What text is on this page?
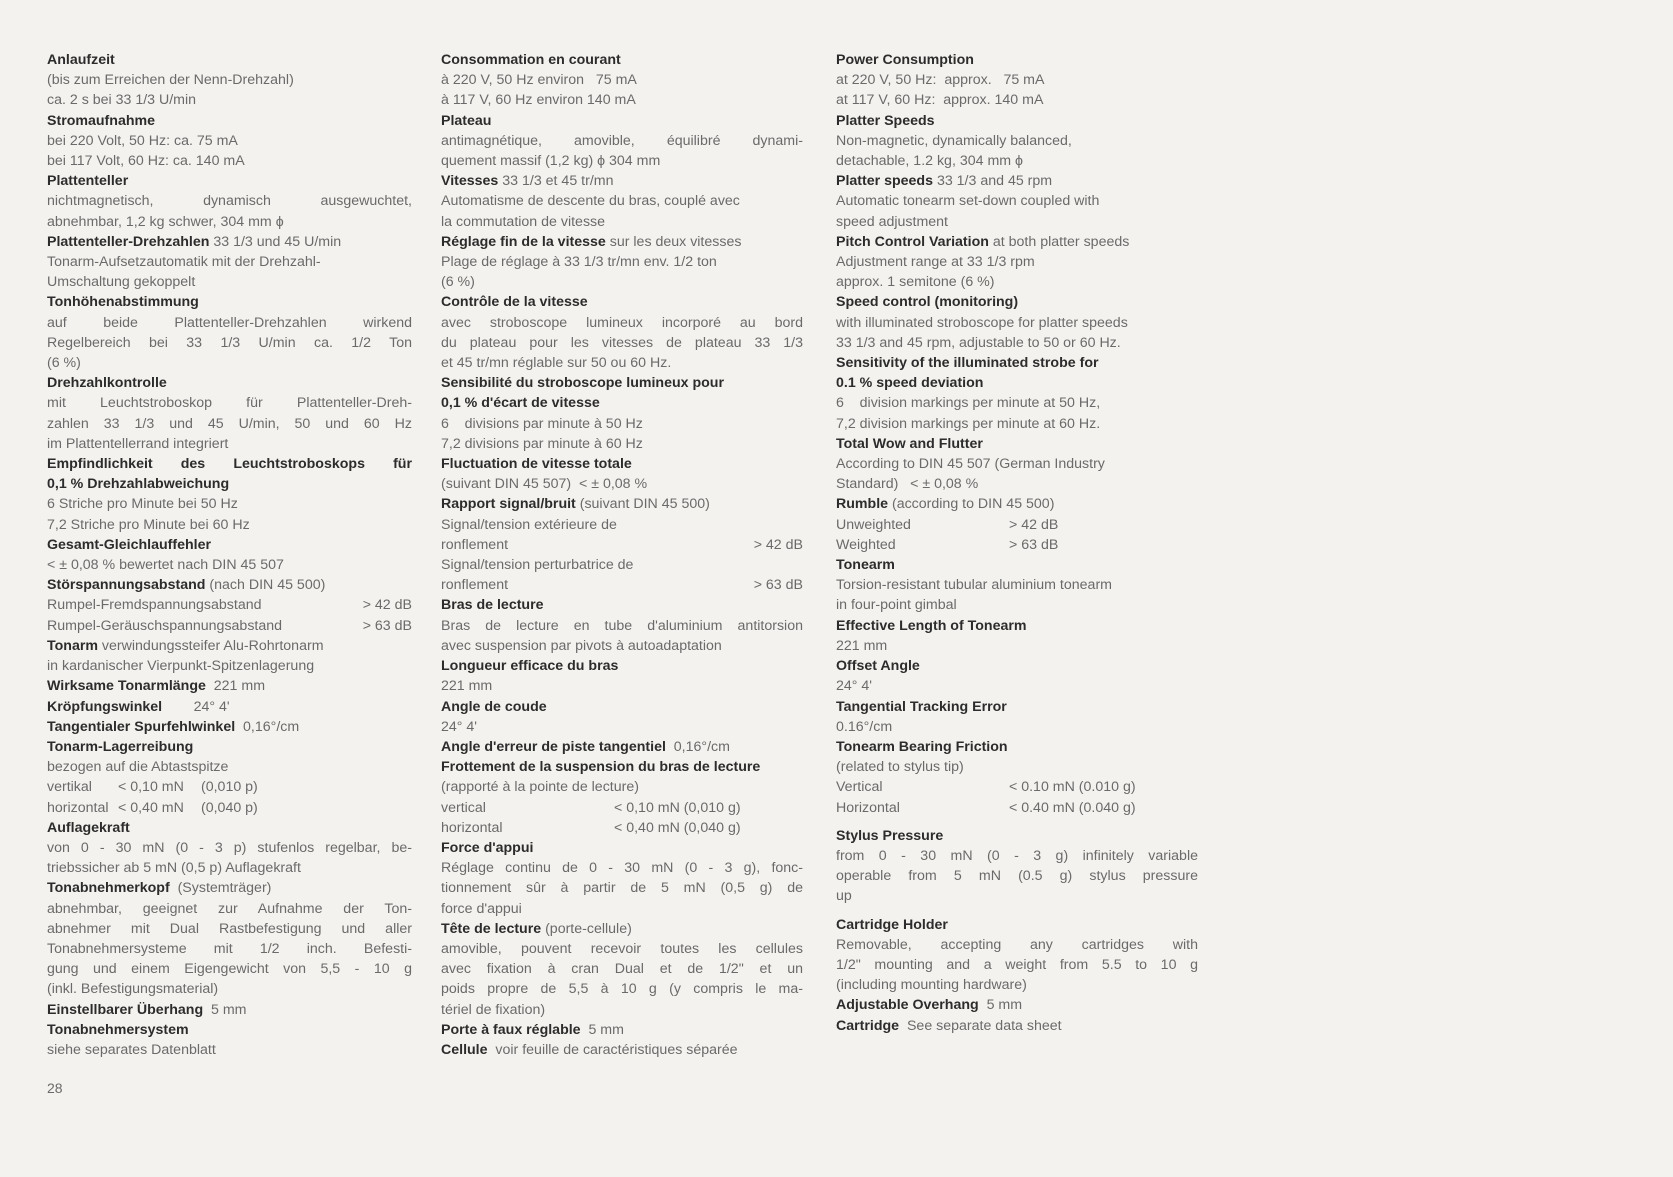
Anlaufzeit
(bis zum Erreichen der Nenn-Drehzahl)
ca. 2 s bei 33 1/3 U/min
Stromaufnahme
bei 220 Volt, 50 Hz: ca. 75 mA
bei 117 Volt, 60 Hz: ca. 140 mA
Plattenteller
nichtmagnetisch, dynamisch ausgewuchtet,
abnehmbar, 1,2 kg schwer, 304 mm ϕ
Plattenteller-Drehzahlen 33 1/3 und 45 U/min
Tonarm-Aufsetzautomatik mit der Drehzahl-
Umschaltung gekoppelt
Tonhöhenabstimmung
auf beide Plattenteller-Drehzahlen wirkend
Regelbereich bei 33 1/3 U/min ca. 1/2 Ton
(6 %)
Drehzahlkontrolle
mit Leuchtstroboskop für Plattenteller-Dreh-
zahlen 33 1/3 und 45 U/min, 50 und 60 Hz
im Plattentellerrand integriert
Empfindlichkeit des Leuchtstroboskops für
0,1 % Drehzahlabweichung
6 Striche pro Minute bei 50 Hz
7,2 Striche pro Minute bei 60 Hz
Gesamt-Gleichlauffehler
< ± 0,08 % bewertet nach DIN 45 507
Störspannungsabstand (nach DIN 45 500)
Rumpel-Fremdspannungsabstand	> 42 dB
Rumpel-Geräuschspannungsabstand	> 63 dB
Tonarm verwindungssteifer Alu-Rohrtonarm
in kardanischer Vierpunkt-Spitzenlagerung
Wirksame Tonarmlänge  221 mm
Kröpfungswinkel        24° 4'
Tangentialer Spurfehlwinkel  0,16°/cm
Tonarm-Lagerreibung
bezogen auf die Abtastspitze
vertikal	< 0,10 mN	(0,010 p)
horizontal < 0,40 mN	(0,040 p)
Auflagekraft
von 0 - 30 mN (0 - 3 p) stufenlos regelbar, be-
triebssicher ab 5 mN (0,5 p) Auflagekraft
Tonabnehmerkopf  (Systemträger)
abnehmbar, geeignet zur Aufnahme der Ton-
abnehmer mit Dual Rastbefestigung und aller
Tonabnehmersysteme mit 1/2 inch. Befesti-
gung und einem Eigengewicht von 5,5 - 10 g
(inkl. Befestigungsmaterial)
Einstellbarer Überhang  5 mm
Tonabnehmersystem
siehe separates Datenblatt
Consommation en courant
à 220 V, 50 Hz environ   75 mA
à 117 V, 60 Hz environ 140 mA
Plateau
antimagnétique, amovible, équilibré dynami-
quement massif (1,2 kg) ϕ 304 mm
Vitesses 33 1/3 et 45 tr/mn
Automatisme de descente du bras, couplé avec
la commutation de vitesse
Réglage fin de la vitesse sur les deux vitesses
Plage de réglage à 33 1/3 tr/mn env. 1/2 ton
(6 %)
Contrôle de la vitesse
avec stroboscope lumineux incorporé au bord
du plateau pour les vitesses de plateau 33 1/3
et 45 tr/mn réglable sur 50 ou 60 Hz.
Sensibilité du stroboscope lumineux pour
0,1 % d'écart de vitesse
6    divisions par minute à 50 Hz
7,2 divisions par minute à 60 Hz
Fluctuation de vitesse totale
(suivant DIN 45 507)  < ± 0,08 %
Rapport signal/bruit (suivant DIN 45 500)
Signal/tension extérieure de
ronflement	> 42 dB
Signal/tension perturbatrice de
ronflement	> 63 dB
Bras de lecture
Bras de lecture en tube d'aluminium antitorsion
avec suspension par pivots à autoadaptation
Longueur efficace du bras
221 mm
Angle de coude
24° 4'
Angle d'erreur de piste tangentiel  0,16°/cm
Frottement de la suspension du bras de lecture
(rapporté à la pointe de lecture)
vertical	< 0,10 mN (0,010 g)
horizontal	< 0,40 mN (0,040 g)
Force d'appui
Réglage continu de 0 - 30 mN (0 - 3 g), fonc-
tionnement sûr à partir de 5 mN (0,5 g) de
force d'appui
Tête de lecture (porte-cellule)
amovible, pouvent recevoir toutes les cellules
avec fixation à cran Dual et de 1/2" et un
poids propre de 5,5 à 10 g (y compris le ma-
tériel de fixation)
Porte à faux réglable  5 mm
Cellule  voir feuille de caractéristiques séparée
Power Consumption
at 220 V, 50 Hz:  approx.   75 mA
at 117 V, 60 Hz:  approx. 140 mA
Platter Speeds
Non-magnetic, dynamically balanced,
detachable, 1.2 kg, 304 mm ϕ
Platter speeds 33 1/3 and 45 rpm
Automatic tonearm set-down coupled with
speed adjustment
Pitch Control Variation at both platter speeds
Adjustment range at 33 1/3 rpm
approx. 1 semitone (6 %)
Speed control (monitoring)
with illuminated stroboscope for platter speeds
33 1/3 and 45 rpm, adjustable to 50 or 60 Hz.
Sensitivity of the illuminated strobe for
0.1 % speed deviation
6    division markings per minute at 50 Hz,
7,2 division markings per minute at 60 Hz.
Total Wow and Flutter
According to DIN 45 507 (German Industry
Standard)   < ± 0,08 %
Rumble (according to DIN 45 500)
Unweighted	> 42 dB
Weighted	> 63 dB
Tonearm
Torsion-resistant tubular aluminium tonearm
in four-point gimbal
Effective Length of Tonearm
221 mm
Offset Angle
24° 4'
Tangential Tracking Error
0.16°/cm
Tonearm Bearing Friction
(related to stylus tip)
Vertical	< 0.10 mN (0.010 g)
Horizontal	< 0.40 mN (0.040 g)
Stylus Pressure
from 0 - 30 mN (0 - 3 g) infinitely variable
operable from 5 mN (0.5 g) stylus pressure
up
Cartridge Holder
Removable, accepting any cartridges with
1/2" mounting and a weight from 5.5 to 10 g
(including mounting hardware)
Adjustable Overhang  5 mm
Cartridge  See separate data sheet
28
